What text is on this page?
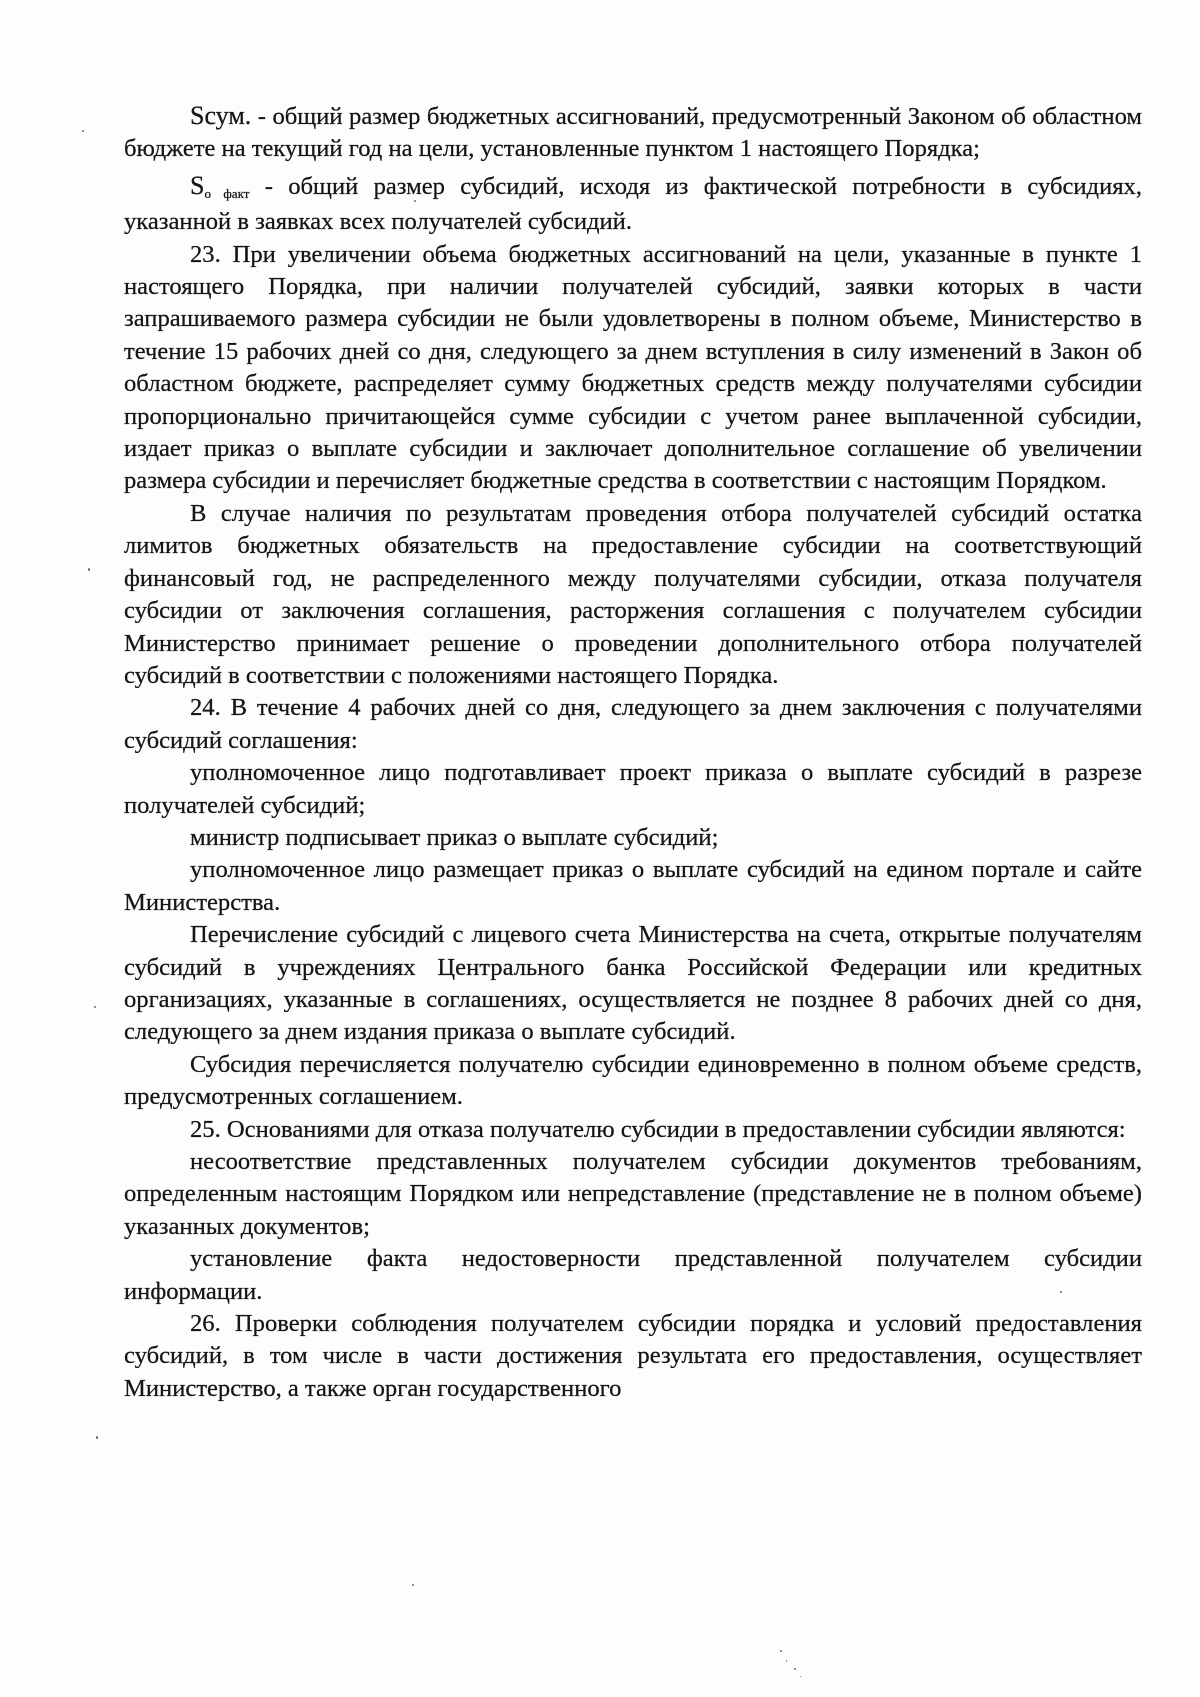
Sсум. - общий размер бюджетных ассигнований, предусмотренный Законом об областном бюджете на текущий год на цели, установленные пунктом 1 настоящего Порядка;

Sо факт - общий размер субсидий, исходя из фактической потребности в субсидиях, указанной в заявках всех получателей субсидий.

23. При увеличении объема бюджетных ассигнований на цели, указанные в пункте 1 настоящего Порядка, при наличии получателей субсидий, заявки которых в части запрашиваемого размера субсидии не были удовлетворены в полном объеме, Министерство в течение 15 рабочих дней со дня, следующего за днем вступления в силу изменений в Закон об областном бюджете, распределяет сумму бюджетных средств между получателями субсидии пропорционально причитающейся сумме субсидии с учетом ранее выплаченной субсидии, издает приказ о выплате субсидии и заключает дополнительное соглашение об увеличении размера субсидии и перечисляет бюджетные средства в соответствии с настоящим Порядком.

В случае наличия по результатам проведения отбора получателей субсидий остатка лимитов бюджетных обязательств на предоставление субсидии на соответствующий финансовый год, не распределенного между получателями субсидии, отказа получателя субсидии от заключения соглашения, расторжения соглашения с получателем субсидии Министерство принимает решение о проведении дополнительного отбора получателей субсидий в соответствии с положениями настоящего Порядка.

24. В течение 4 рабочих дней со дня, следующего за днем заключения с получателями субсидий соглашения:

уполномоченное лицо подготавливает проект приказа о выплате субсидий в разрезе получателей субсидий;

министр подписывает приказ о выплате субсидий;

уполномоченное лицо размещает приказ о выплате субсидий на едином портале и сайте Министерства.

Перечисление субсидий с лицевого счета Министерства на счета, открытые получателям субсидий в учреждениях Центрального банка Российской Федерации или кредитных организациях, указанные в соглашениях, осуществляется не позднее 8 рабочих дней со дня, следующего за днем издания приказа о выплате субсидий.

Субсидия перечисляется получателю субсидии единовременно в полном объеме средств, предусмотренных соглашением.

25. Основаниями для отказа получателю субсидии в предоставлении субсидии являются:

несоответствие представленных получателем субсидии документов требованиям, определенным настоящим Порядком или непредставление (представление не в полном объеме) указанных документов;

установление факта недостоверности представленной получателем субсидии информации.

26. Проверки соблюдения получателем субсидии порядка и условий предоставления субсидий, в том числе в части достижения результата его предоставления, осуществляет Министерство, а также орган государственного
